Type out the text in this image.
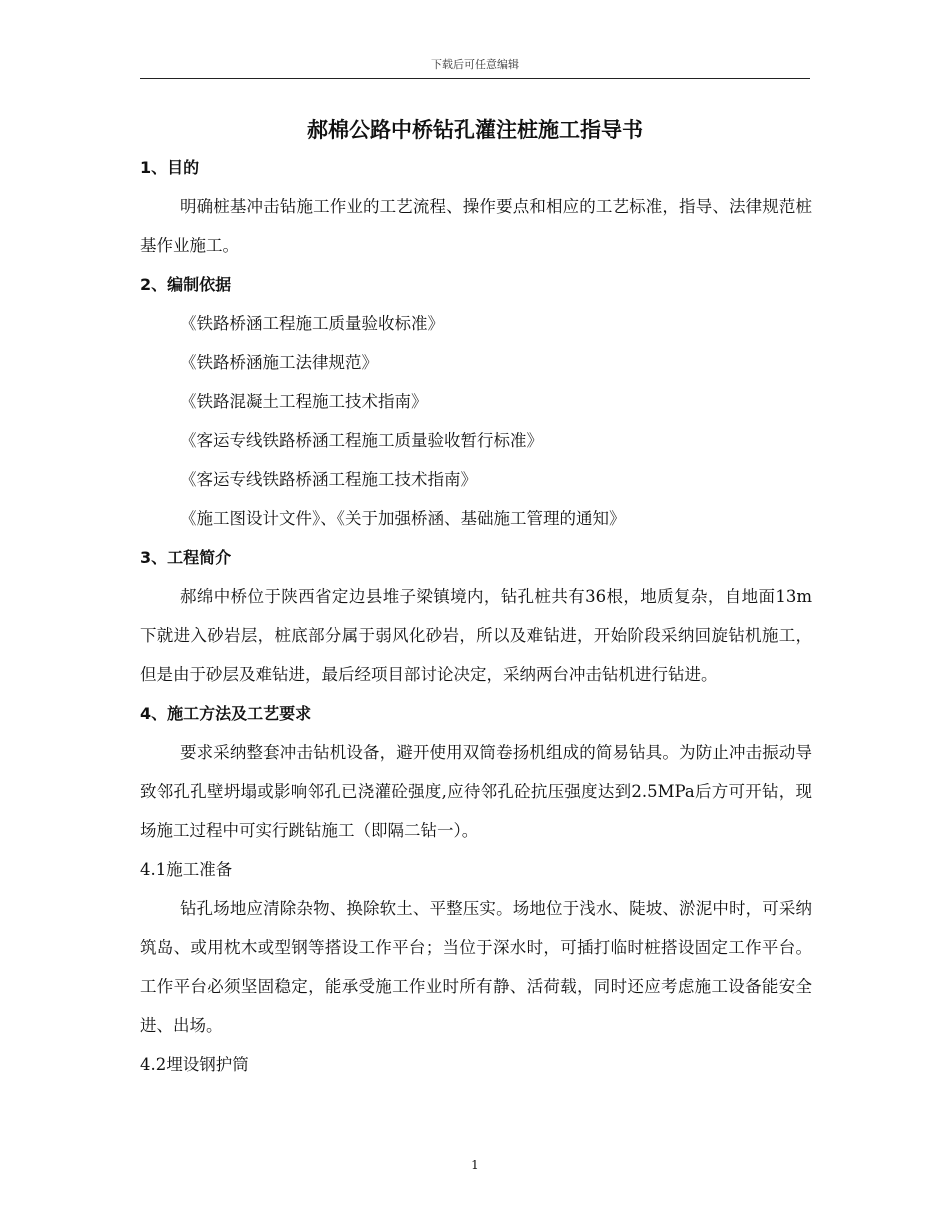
下载后可任意编辑
郝棉公路中桥钻孔灌注桩施工指导书

1、目的

明确桩基冲击钻施工作业的工艺流程、操作要点和相应的工艺标准，指导、法律规范桩基作业施工。

2、编制依据

《铁路桥涵工程施工质量验收标准》

《铁路桥涵施工法律规范》

《铁路混凝土工程施工技术指南》

《客运专线铁路桥涵工程施工质量验收暂行标准》

《客运专线铁路桥涵工程施工技术指南》

《施工图设计文件》、《关于加强桥涵、基础施工管理的通知》

3、工程简介

郝绵中桥位于陕西省定边县堆子梁镇境内，钻孔桩共有36根，地质复杂，自地面13m下就进入砂岩层，桩底部分属于弱风化砂岩，所以及难钻进，开始阶段采纳回旋钻机施工，但是由于砂层及难钻进，最后经项目部讨论决定，采纳两台冲击钻机进行钻进。

4、施工方法及工艺要求

要求采纳整套冲击钻机设备，避开使用双筒卷扬机组成的简易钻具。为防止冲击振动导致邻孔孔壁坍塌或影响邻孔已浇灌砼强度,应待邻孔砼抗压强度达到2.5MPa后方可开钻，现场施工过程中可实行跳钻施工（即隔二钻一）。

4.1施工准备

钻孔场地应清除杂物、换除软土、平整压实。场地位于浅水、陡坡、淤泥中时，可采纳筑岛、或用枕木或型钢等搭设工作平台；当位于深水时，可插打临时桩搭设固定工作平台。工作平台必须坚固稳定，能承受施工作业时所有静、活荷载，同时还应考虑施工设备能安全进、出场。

4.2埋设钢护筒

1
